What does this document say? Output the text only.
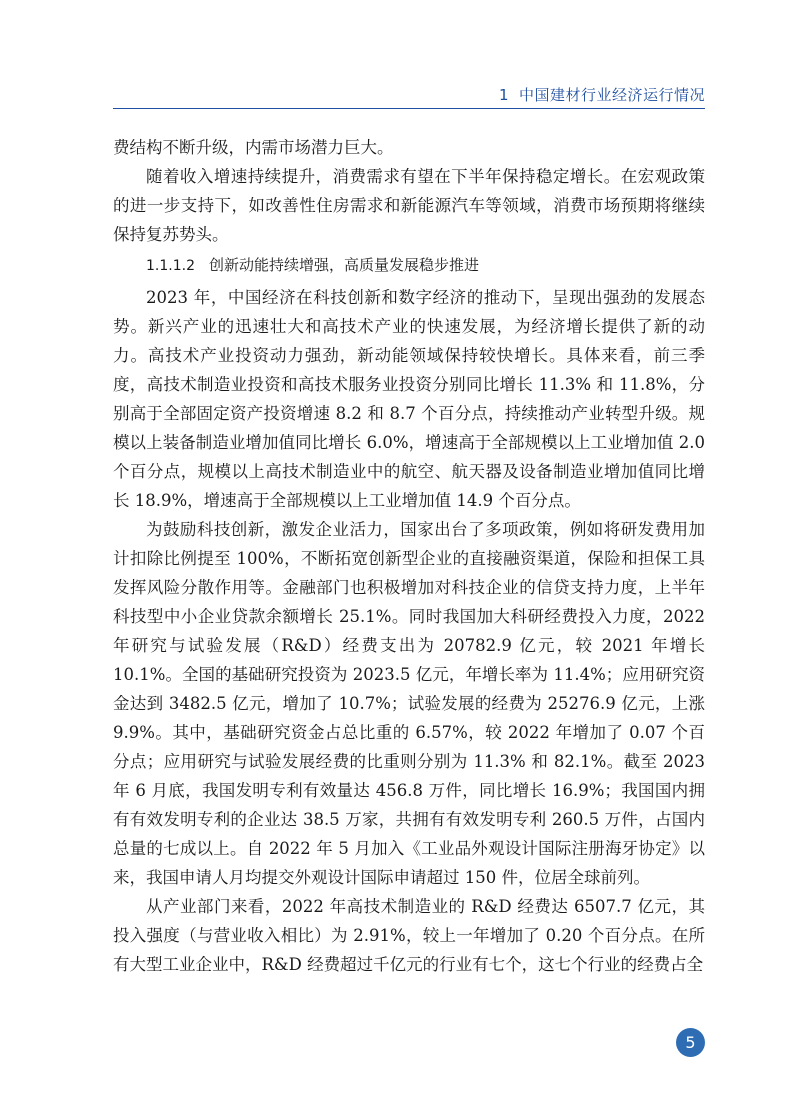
1 中国建材行业经济运行情况

费结构不断升级，内需市场潜力巨大。

随着收入增速持续提升，消费需求有望在下半年保持稳定增长。在宏观政策的进一步支持下，如改善性住房需求和新能源汽车等领域，消费市场预期将继续保持复苏势头。

1.1.1.2 创新动能持续增强，高质量发展稳步推进

2023 年，中国经济在科技创新和数字经济的推动下，呈现出强劲的发展态势。新兴产业的迅速壮大和高技术产业的快速发展，为经济增长提供了新的动力。高技术产业投资动力强劲，新动能领域保持较快增长。具体来看，前三季度，高技术制造业投资和高技术服务业投资分别同比增长 11.3% 和 11.8%，分别高于全部固定资产投资增速 8.2 和 8.7 个百分点，持续推动产业转型升级。规模以上装备制造业增加值同比增长 6.0%，增速高于全部规模以上工业增加值 2.0 个百分点，规模以上高技术制造业中的航空、航天器及设备制造业增加值同比增长 18.9%，增速高于全部规模以上工业增加值 14.9 个百分点。

为鼓励科技创新，激发企业活力，国家出台了多项政策，例如将研发费用加计扣除比例提至 100%，不断拓宽创新型企业的直接融资渠道，保险和担保工具发挥风险分散作用等。金融部门也积极增加对科技企业的信贷支持力度，上半年科技型中小企业贷款余额增长 25.1%。同时我国加大科研经费投入力度，2022 年研究与试验发展（R&D）经费支出为 20782.9 亿元，较 2021 年增长 10.1%。全国的基础研究投资为 2023.5 亿元，年增长率为 11.4%；应用研究资金达到 3482.5 亿元，增加了 10.7%；试验发展的经费为 25276.9 亿元，上涨 9.9%。其中，基础研究资金占总比重的 6.57%，较 2022 年增加了 0.07 个百分点；应用研究与试验发展经费的比重则分别为 11.3% 和 82.1%。截至 2023 年 6 月底，我国发明专利有效量达 456.8 万件，同比增长 16.9%；我国国内拥有有效发明专利的企业达 38.5 万家，共拥有有效发明专利 260.5 万件，占国内总量的七成以上。自 2022 年 5 月加入《工业品外观设计国际注册海牙协定》以来，我国申请人月均提交外观设计国际申请超过 150 件，位居全球前列。

从产业部门来看，2022 年高技术制造业的 R&D 经费达 6507.7 亿元，其投入强度（与营业收入相比）为 2.91%，较上一年增加了 0.20 个百分点。在所有大型工业企业中，R&D 经费超过千亿元的行业有七个，这七个行业的经费占全

5
